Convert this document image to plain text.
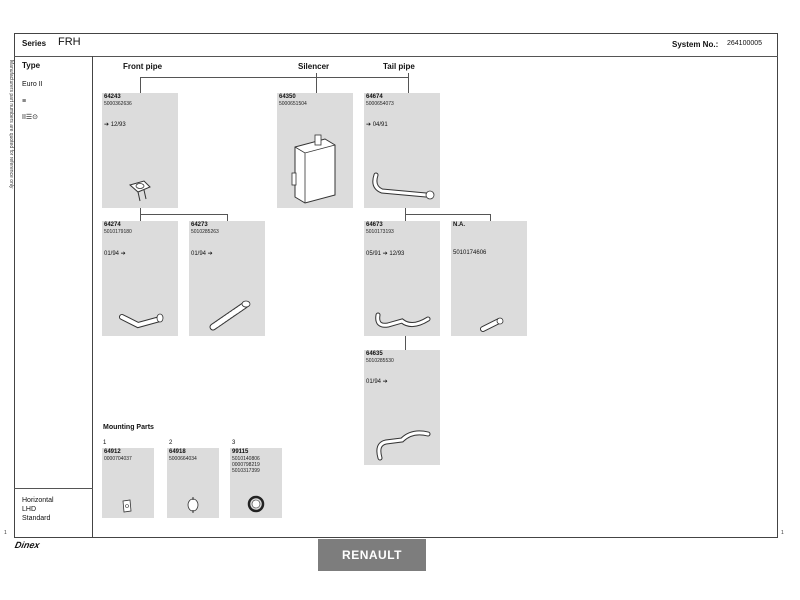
Series FRH	System No.: 264100005
Manufacturers part numbers are quoted for reference only Type
Euro II
≡
II☰⊙
Horizontal
LHD
Standard
Front pipe	Silencer	Tail pipe
64243
5000362636
➔ 12/93
64350
5000651504
64674
5000654073
➔ 04/91
64274
5010179180
01/94 ➔
64273
5010285263
01/94 ➔
64673
5010173193
05/91 ➔ 12/93
N.A.
5010174606
64635
5010285530
01/94 ➔
Mounting Parts
1
64912
0000704037
2
64918
5000664034
3
99115
5010140806
0000798219
5010317399
1	1
Dinex
RENAULT
